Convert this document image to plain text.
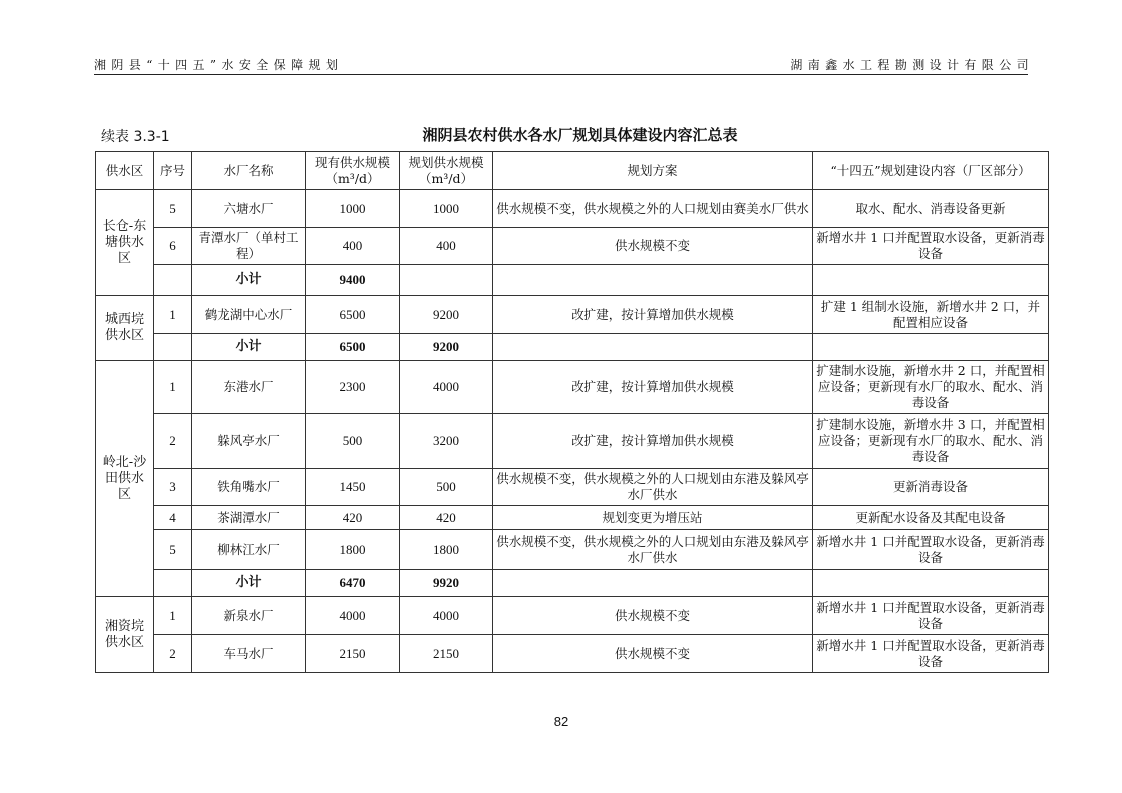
湘阴县“十四五”水安全保障规划	湖南鑫水工程勘测设计有限公司
续表 3.3-1	湘阴县农村供水各水厂规划具体建设内容汇总表
供水区	序号	水厂名称	现有供水规模（m³/d）	规划供水规模（m³/d）	规划方案	“十四五”规划建设内容（厂区部分）
长仓-东塘供水区	5	六塘水厂	1000	1000	供水规模不变，供水规模之外的人口规划由赛美水厂供水	取水、配水、消毒设备更新
	6	青潭水厂（单村工程）	400	400	供水规模不变	新增水井 1 口并配置取水设备，更新消毒设备
		小计	9400			
城西垸供水区	1	鹤龙湖中心水厂	6500	9200	改扩建，按计算增加供水规模	扩建 1 组制水设施，新增水井 2 口，并配置相应设备
		小计	6500	9200		
岭北-沙田供水区	1	东港水厂	2300	4000	改扩建，按计算增加供水规模	扩建制水设施，新增水井 2 口，并配置相应设备；更新现有水厂的取水、配水、消毒设备
	2	躲风亭水厂	500	3200	改扩建，按计算增加供水规模	扩建制水设施，新增水井 3 口，并配置相应设备；更新现有水厂的取水、配水、消毒设备
	3	铁角嘴水厂	1450	500	供水规模不变，供水规模之外的人口规划由东港及躲风亭水厂供水	更新消毒设备
	4	茶湖潭水厂	420	420	规划变更为增压站	更新配水设备及其配电设备
	5	柳林江水厂	1800	1800	供水规模不变，供水规模之外的人口规划由东港及躲风亭水厂供水	新增水井 1 口并配置取水设备，更新消毒设备
		小计	6470	9920		
湘资垸供水区	1	新泉水厂	4000	4000	供水规模不变	新增水井 1 口并配置取水设备，更新消毒设备
	2	车马水厂	2150	2150	供水规模不变	新增水井 1 口并配置取水设备，更新消毒设备
82
